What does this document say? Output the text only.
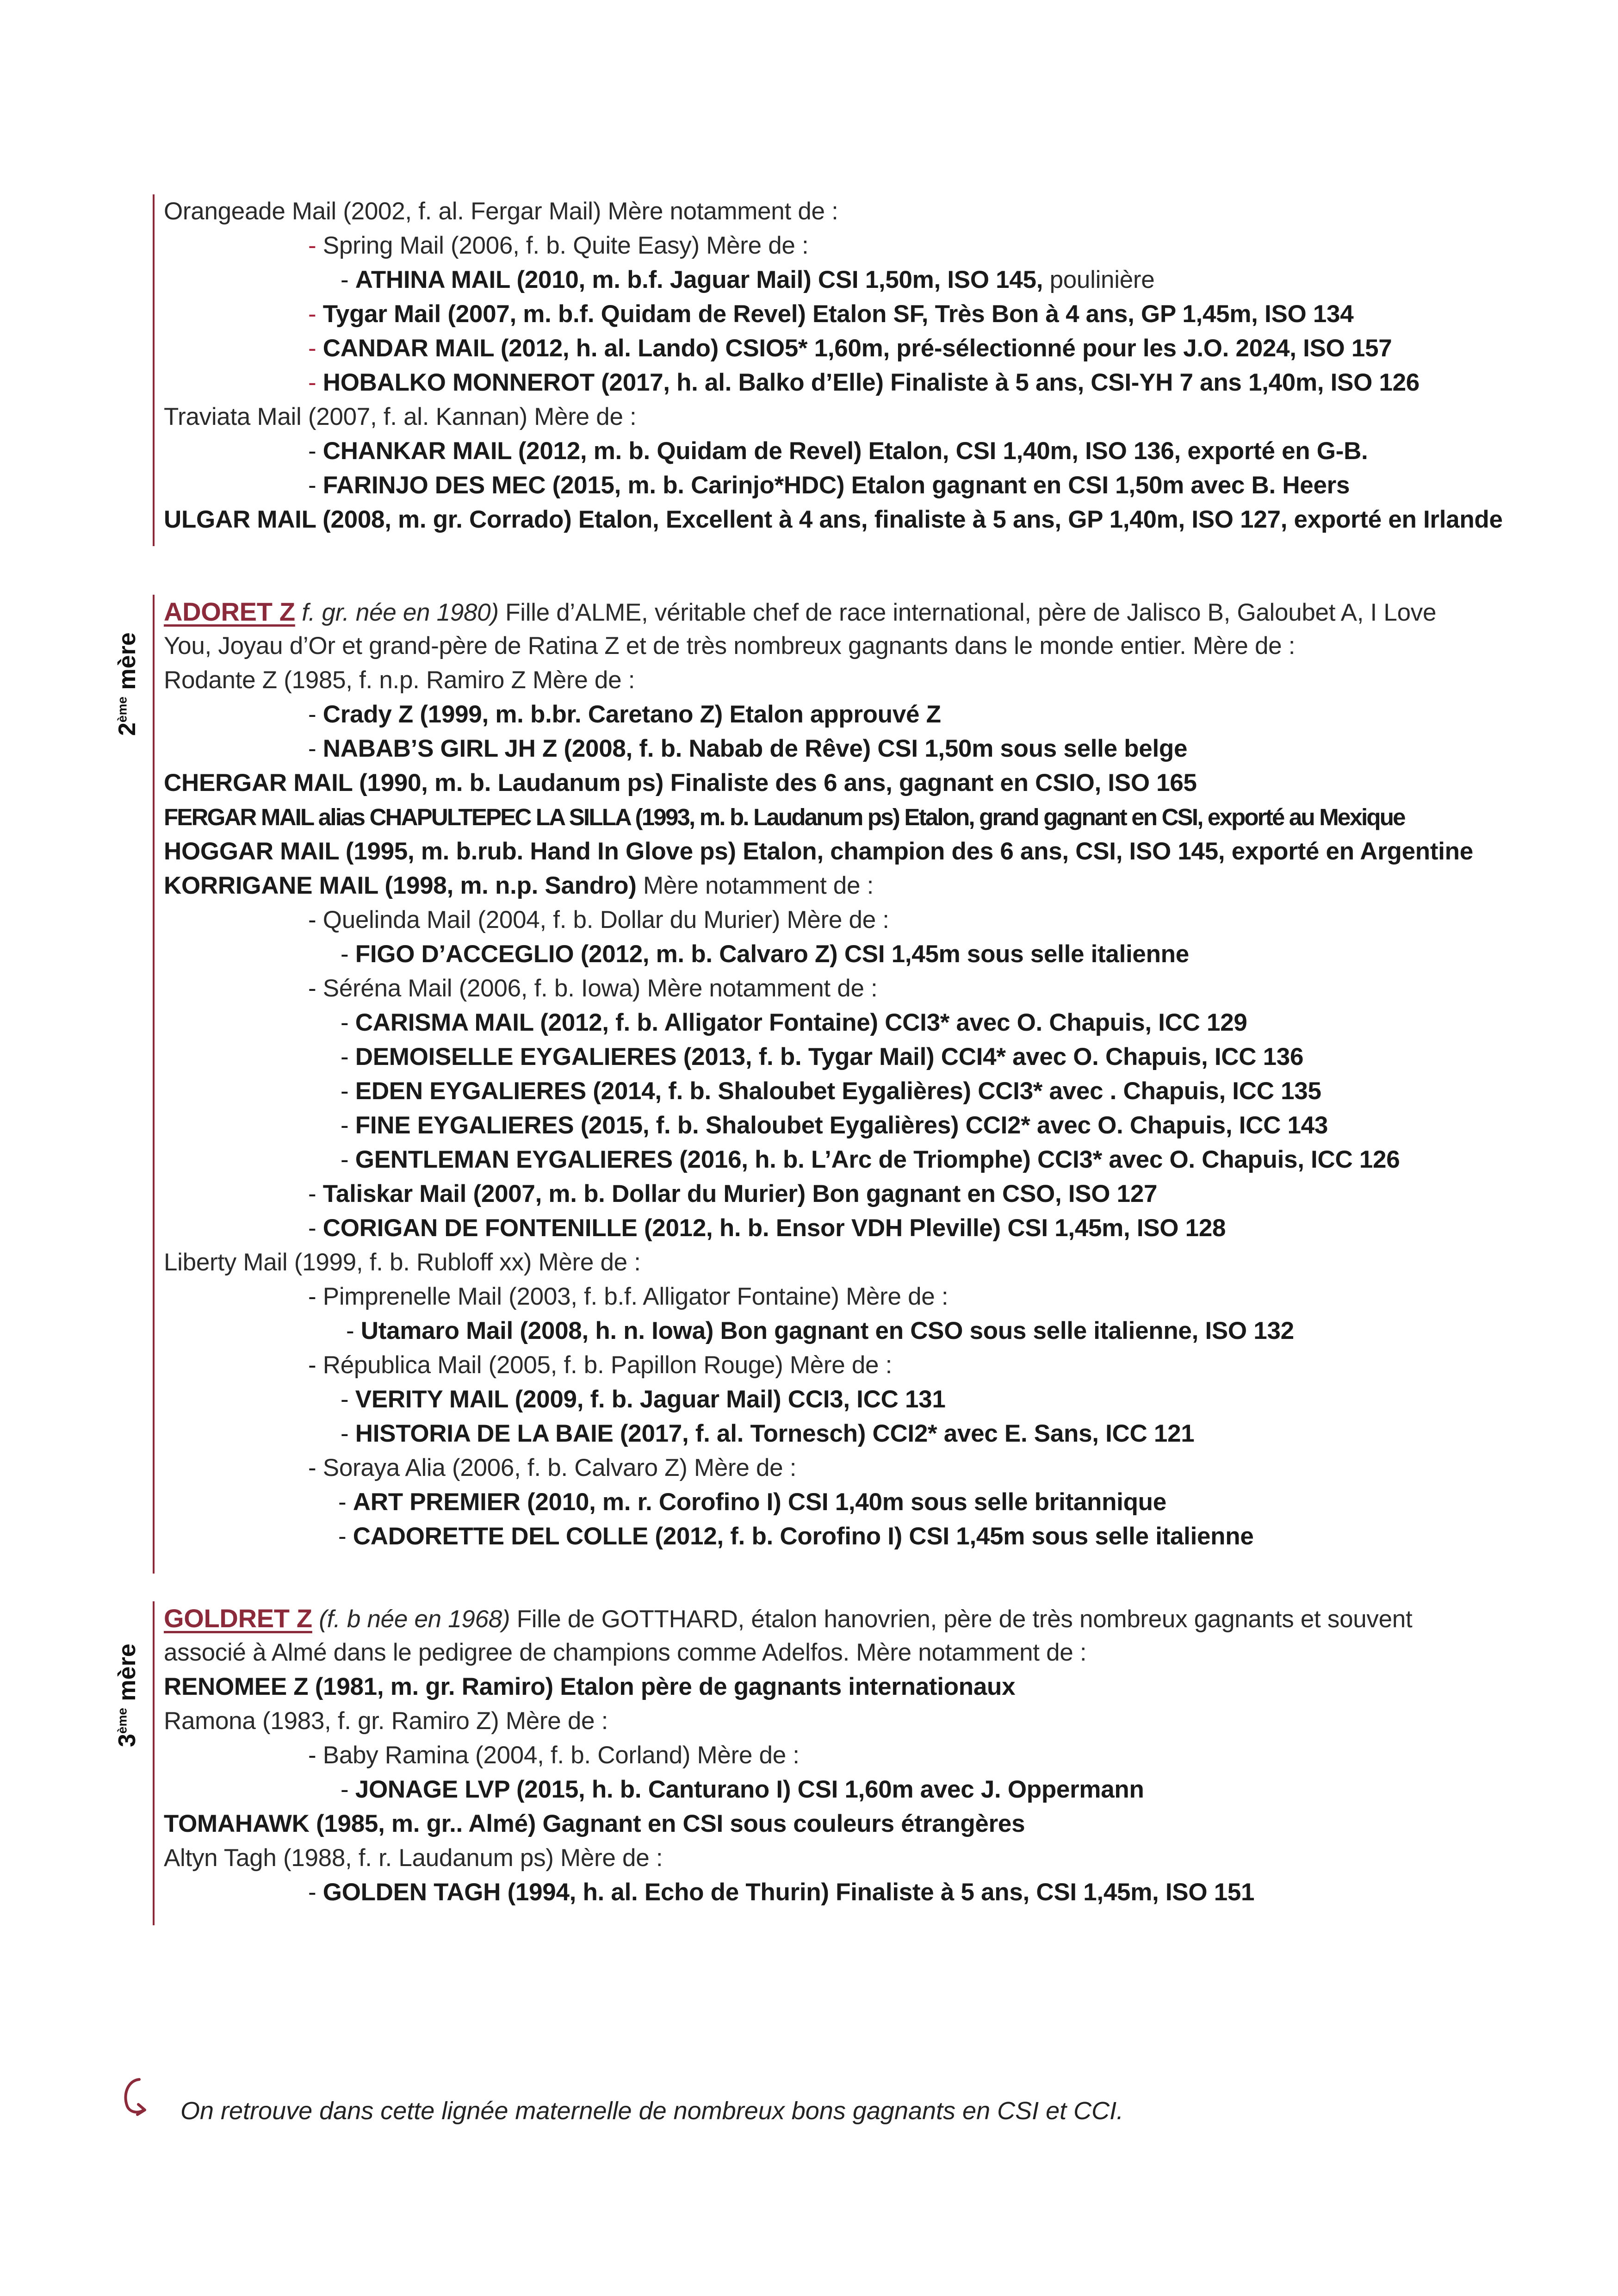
Orangeade Mail (2002, f. al. Fergar Mail) Mère notamment de :
- Spring Mail (2006, f. b. Quite Easy) Mère de :
- ATHINA MAIL (2010, m. b.f. Jaguar Mail) CSI 1,50m, ISO 145, poulinière
- Tygar Mail (2007, m. b.f. Quidam de Revel) Etalon SF, Très Bon à 4 ans, GP 1,45m, ISO 134
- CANDAR MAIL (2012, h. al. Lando) CSIO5* 1,60m, pré-sélectionné pour les J.O. 2024, ISO 157
- HOBALKO MONNEROT (2017, h. al. Balko d’Elle) Finaliste à 5 ans, CSI-YH 7 ans 1,40m, ISO 126
Traviata Mail (2007, f. al. Kannan) Mère de :
- CHANKAR MAIL (2012, m. b. Quidam de Revel) Etalon, CSI 1,40m, ISO 136, exporté en G-B.
- FARINJO DES MEC (2015, m. b. Carinjo*HDC) Etalon gagnant en CSI 1,50m avec B. Heers
ULGAR MAIL (2008, m. gr. Corrado) Etalon, Excellent à 4 ans, finaliste à 5 ans, GP 1,40m, ISO 127, exporté en Irlande
ADORET Z f. gr. née en 1980) Fille d’ALME, véritable chef de race international, père de Jalisco B, Galoubet A, I Love
You, Joyau d’Or et grand-père de Ratina Z et de très nombreux gagnants dans le monde entier. Mère de :
Rodante Z (1985, f. n.p. Ramiro Z Mère de :
- Crady Z (1999, m. b.br. Caretano Z) Etalon approuvé Z
- NABAB’S GIRL JH Z (2008, f. b. Nabab de Rêve) CSI 1,50m sous selle belge
CHERGAR MAIL (1990, m. b. Laudanum ps) Finaliste des 6 ans, gagnant en CSIO, ISO 165
FERGAR MAIL alias CHAPULTEPEC LA SILLA (1993, m. b. Laudanum ps) Etalon, grand gagnant en CSI, exporté au Mexique
HOGGAR MAIL (1995, m. b.rub. Hand In Glove ps) Etalon, champion des 6 ans, CSI, ISO 145, exporté en Argentine
KORRIGANE MAIL (1998, m. n.p. Sandro) Mère notamment de :
- Quelinda Mail (2004, f. b. Dollar du Murier) Mère de :
- FIGO D’ACCEGLIO (2012, m. b. Calvaro Z) CSI 1,45m sous selle italienne
- Séréna Mail (2006, f. b. Iowa) Mère notamment de :
- CARISMA MAIL (2012, f. b. Alligator Fontaine) CCI3* avec O. Chapuis, ICC 129
- DEMOISELLE EYGALIERES (2013, f. b. Tygar Mail) CCI4* avec O. Chapuis, ICC 136
- EDEN EYGALIERES (2014, f. b. Shaloubet Eygalières) CCI3* avec . Chapuis, ICC 135
- FINE EYGALIERES (2015, f. b. Shaloubet Eygalières) CCI2* avec O. Chapuis, ICC 143
- GENTLEMAN EYGALIERES (2016, h. b. L’Arc de Triomphe) CCI3* avec O. Chapuis, ICC 126
- Taliskar Mail (2007, m. b. Dollar du Murier) Bon gagnant en CSO, ISO 127
- CORIGAN DE FONTENILLE (2012, h. b. Ensor VDH Pleville) CSI 1,45m, ISO 128
Liberty Mail (1999, f. b. Rubloff xx) Mère de :
- Pimprenelle Mail (2003, f. b.f. Alligator Fontaine) Mère de :
- Utamaro Mail (2008, h. n. Iowa) Bon gagnant en CSO sous selle italienne, ISO 132
- Républica Mail (2005, f. b. Papillon Rouge) Mère de :
- VERITY MAIL (2009, f. b. Jaguar Mail) CCI3, ICC 131
- HISTORIA DE LA BAIE (2017, f. al. Tornesch) CCI2* avec E. Sans, ICC 121
- Soraya Alia (2006, f. b. Calvaro Z) Mère de :
- ART PREMIER (2010, m. r. Corofino I) CSI 1,40m sous selle britannique
- CADORETTE DEL COLLE (2012, f. b. Corofino I) CSI 1,45m sous selle italienne
2ème mère
GOLDRET Z (f. b née en 1968) Fille de GOTTHARD, étalon hanovrien, père de très nombreux gagnants et souvent
associé à Almé dans le pedigree de champions comme Adelfos. Mère notamment de :
RENOMEE Z (1981, m. gr. Ramiro) Etalon père de gagnants internationaux
Ramona (1983, f. gr. Ramiro Z) Mère de :
- Baby Ramina (2004, f. b. Corland) Mère de :
- JONAGE LVP (2015, h. b. Canturano I) CSI 1,60m avec J. Oppermann
TOMAHAWK (1985, m. gr.. Almé) Gagnant en CSI sous couleurs étrangères
Altyn Tagh (1988, f. r. Laudanum ps) Mère de :
- GOLDEN TAGH (1994, h. al. Echo de Thurin) Finaliste à 5 ans, CSI 1,45m, ISO 151
3ème mère
On retrouve dans cette lignée maternelle de nombreux bons gagnants en CSI et CCI.
